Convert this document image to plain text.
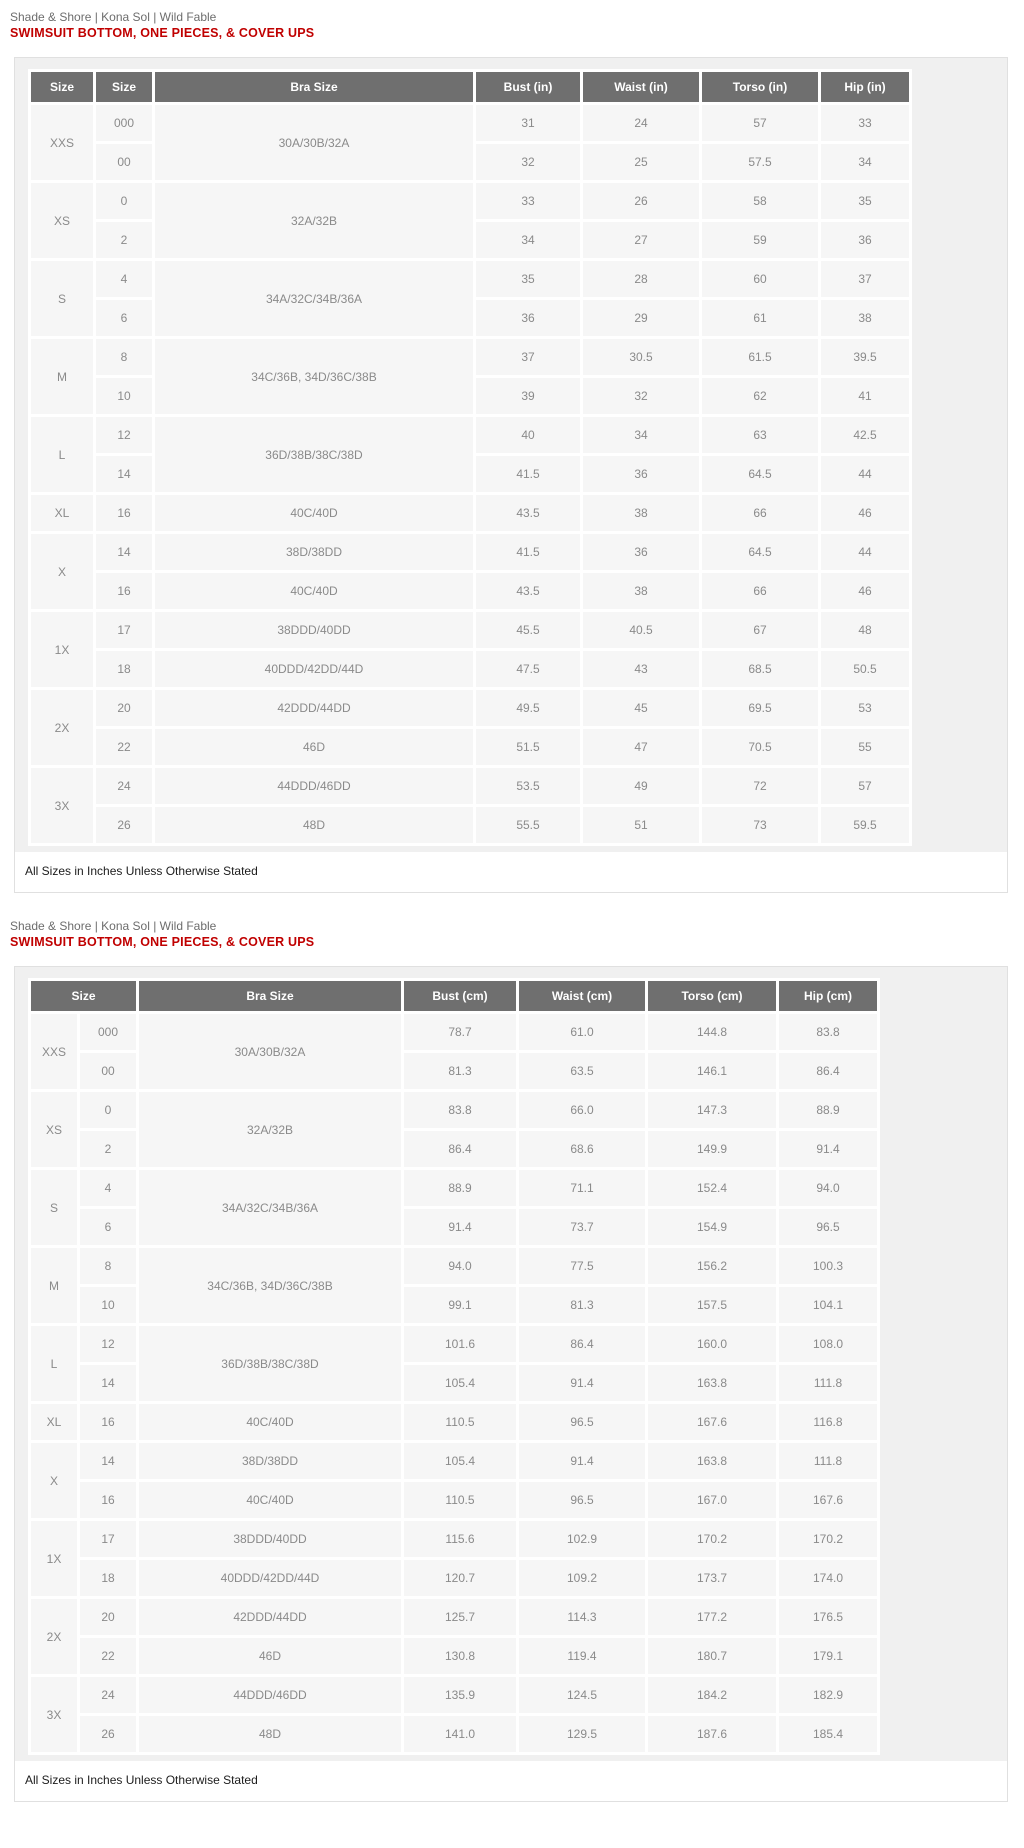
Shade & Shore | Kona Sol | Wild Fable
SWIMSUIT BOTTOM, ONE PIECES, & COVER UPS
Size	Size	Bra Size	Bust (in)	Waist (in)	Torso (in)	Hip (in)
XXS	000	30A/30B/32A	31	24	57	33
	00		32	25	57.5	34
XS	0	32A/32B	33	26	58	35
	2		34	27	59	36
S	4	34A/32C/34B/36A	35	28	60	37
	6		36	29	61	38
M	8	34C/36B, 34D/36C/38B	37	30.5	61.5	39.5
	10		39	32	62	41
L	12	36D/38B/38C/38D	40	34	63	42.5
	14		41.5	36	64.5	44
XL	16	40C/40D	43.5	38	66	46
X	14	38D/38DD	41.5	36	64.5	44
	16	40C/40D	43.5	38	66	46
1X	17	38DDD/40DD	45.5	40.5	67	48
	18	40DDD/42DD/44D	47.5	43	68.5	50.5
2X	20	42DDD/44DD	49.5	45	69.5	53
	22	46D	51.5	47	70.5	55
3X	24	44DDD/46DD	53.5	49	72	57
	26	48D	55.5	51	73	59.5
All Sizes in Inches Unless Otherwise Stated
Shade & Shore | Kona Sol | Wild Fable
SWIMSUIT BOTTOM, ONE PIECES, & COVER UPS
Size		Bra Size	Bust (cm)	Waist (cm)	Torso (cm)	Hip (cm)
XXS	000	30A/30B/32A	78.7	61.0	144.8	83.8
	00		81.3	63.5	146.1	86.4
XS	0	32A/32B	83.8	66.0	147.3	88.9
	2		86.4	68.6	149.9	91.4
S	4	34A/32C/34B/36A	88.9	71.1	152.4	94.0
	6		91.4	73.7	154.9	96.5
M	8	34C/36B, 34D/36C/38B	94.0	77.5	156.2	100.3
	10		99.1	81.3	157.5	104.1
L	12	36D/38B/38C/38D	101.6	86.4	160.0	108.0
	14		105.4	91.4	163.8	111.8
XL	16	40C/40D	110.5	96.5	167.6	116.8
X	14	38D/38DD	105.4	91.4	163.8	111.8
	16	40C/40D	110.5	96.5	167.0	167.6
1X	17	38DDD/40DD	115.6	102.9	170.2	170.2
	18	40DDD/42DD/44D	120.7	109.2	173.7	174.0
2X	20	42DDD/44DD	125.7	114.3	177.2	176.5
	22	46D	130.8	119.4	180.7	179.1
3X	24	44DDD/46DD	135.9	124.5	184.2	182.9
	26	48D	141.0	129.5	187.6	185.4
All Sizes in Inches Unless Otherwise Stated
